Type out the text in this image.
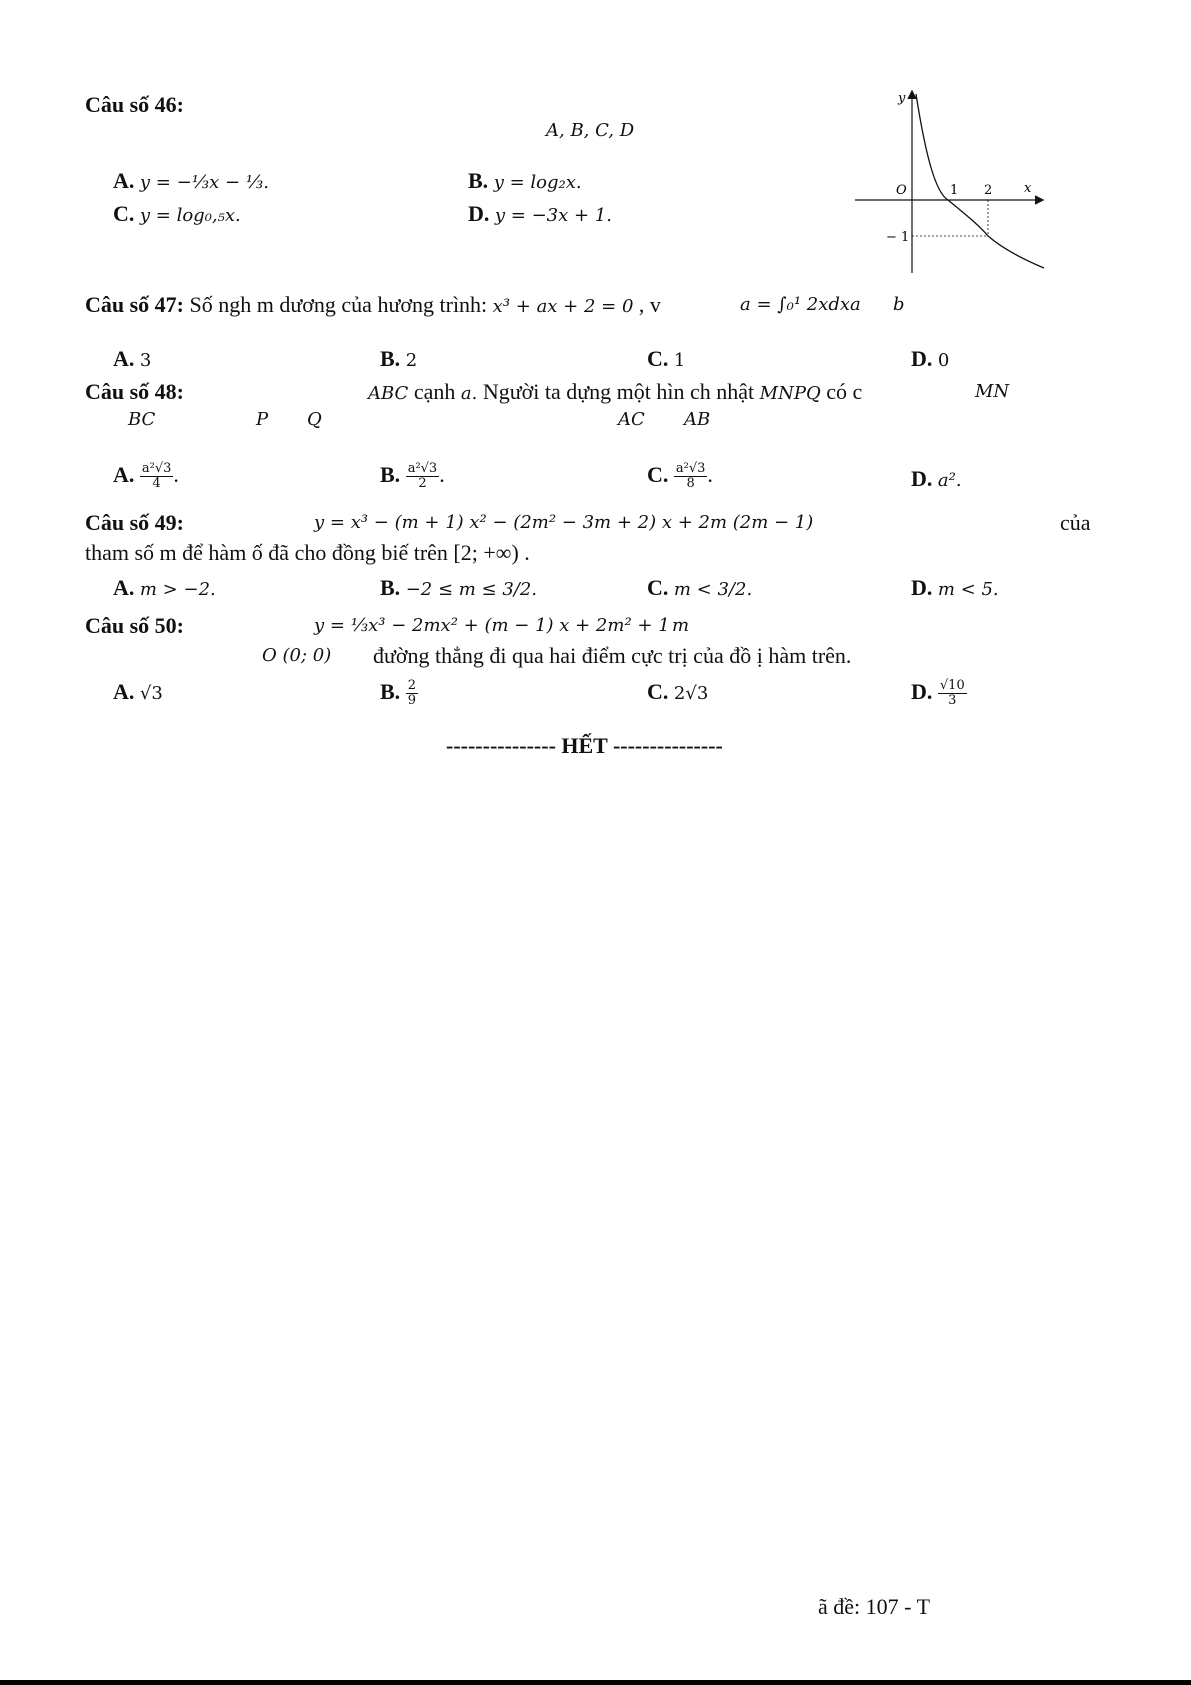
Câu số 46:
A, B, C, D
A. y = −⅓x − ⅓.	B. y = log₂x.
C. y = log₀,₅x.	D. y = −3x + 1.
y
x
O	1 2
− 1
Câu số 47: Số ngh m dương của hương trình: x³ + ax + 2 = 0 , v	a = ∫₀¹ 2xdx a b
A. 3	B. 2	C. 1	D. 0
Câu số 48:	ABC cạnh a. Người ta dựng một hìn ch nhật MNPQ có c	MN
BC	P Q	AC AB
A. $\frac{\text{a²√3}}{4}$ .	B. $\frac{\text{a²√3}}{2}$ .	C. $\frac{\text{a²√3}}{8}$ .	D. a².
Câu số 49:	y = x³ − (m + 1) x² − (2m² − 3m + 2) x + 2m (2m − 1)	của
tham số m để hàm ố đã cho đồng biế trên [2; +∞) .
A. m > −2.	B. −2 ≤ m ≤ 3/2.	C. m < 3/2.	D. m < 5.
Câu số 50:	y = ⅓x³ − 2mx² + (m − 1) x + 2m² + 1 m
O (0; 0) đường thẳng đi qua hai điểm cực trị của đồ ị hàm trên.
A. √3	B. $\frac{2}{9}$	C. 2√3	D. $\frac{√10}{3}$
--------------- HẾT ---------------
ã đề: 107 - T
